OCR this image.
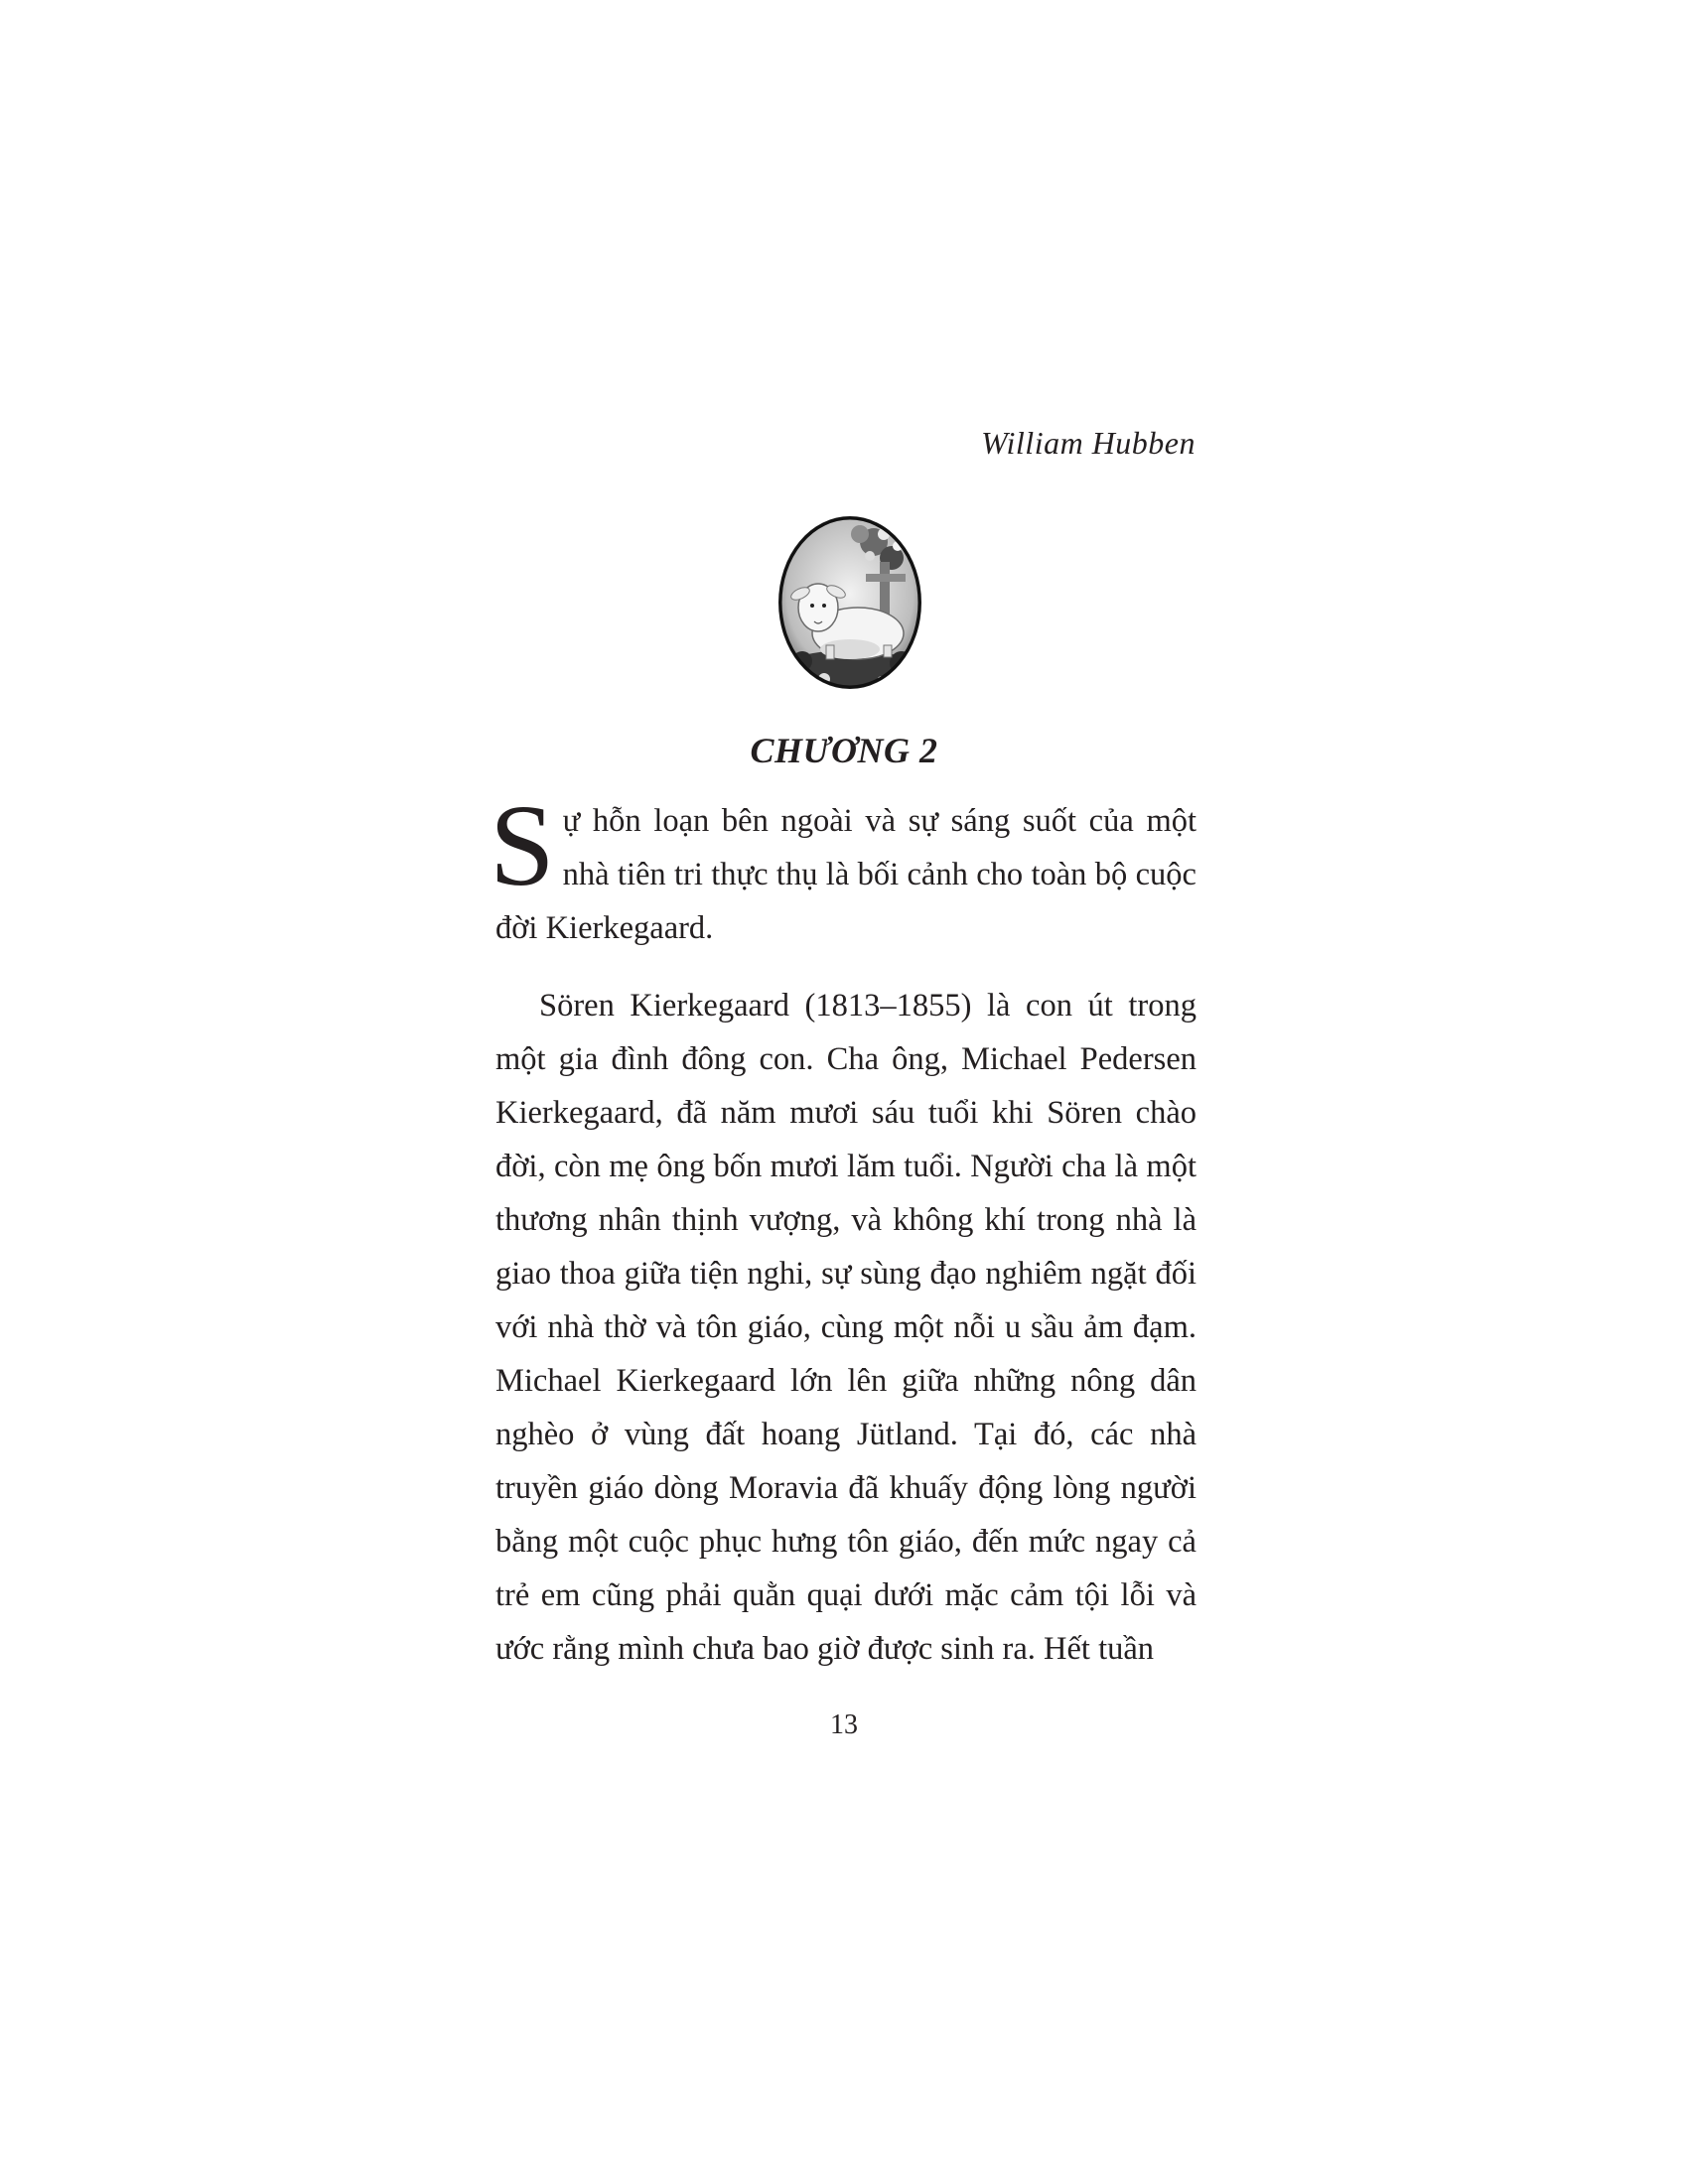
William Hubben
CHƯƠNG 2

Sự hỗn loạn bên ngoài và sự sáng suốt của một nhà tiên tri thực thụ là bối cảnh cho toàn bộ cuộc đời Kierkegaard.

Sören Kierkegaard (1813–1855) là con út trong một gia đình đông con. Cha ông, Michael Pedersen Kierkegaard, đã năm mươi sáu tuổi khi Sören chào đời, còn mẹ ông bốn mươi lăm tuổi. Người cha là một thương nhân thịnh vượng, và không khí trong nhà là giao thoa giữa tiện nghi, sự sùng đạo nghiêm ngặt đối với nhà thờ và tôn giáo, cùng một nỗi u sầu ảm đạm. Michael Kierkegaard lớn lên giữa những nông dân nghèo ở vùng đất hoang Jütland. Tại đó, các nhà truyền giáo dòng Moravia đã khuấy động lòng người bằng một cuộc phục hưng tôn giáo, đến mức ngay cả trẻ em cũng phải quằn quại dưới mặc cảm tội lỗi và ước rằng mình chưa bao giờ được sinh ra. Hết tuần

13
